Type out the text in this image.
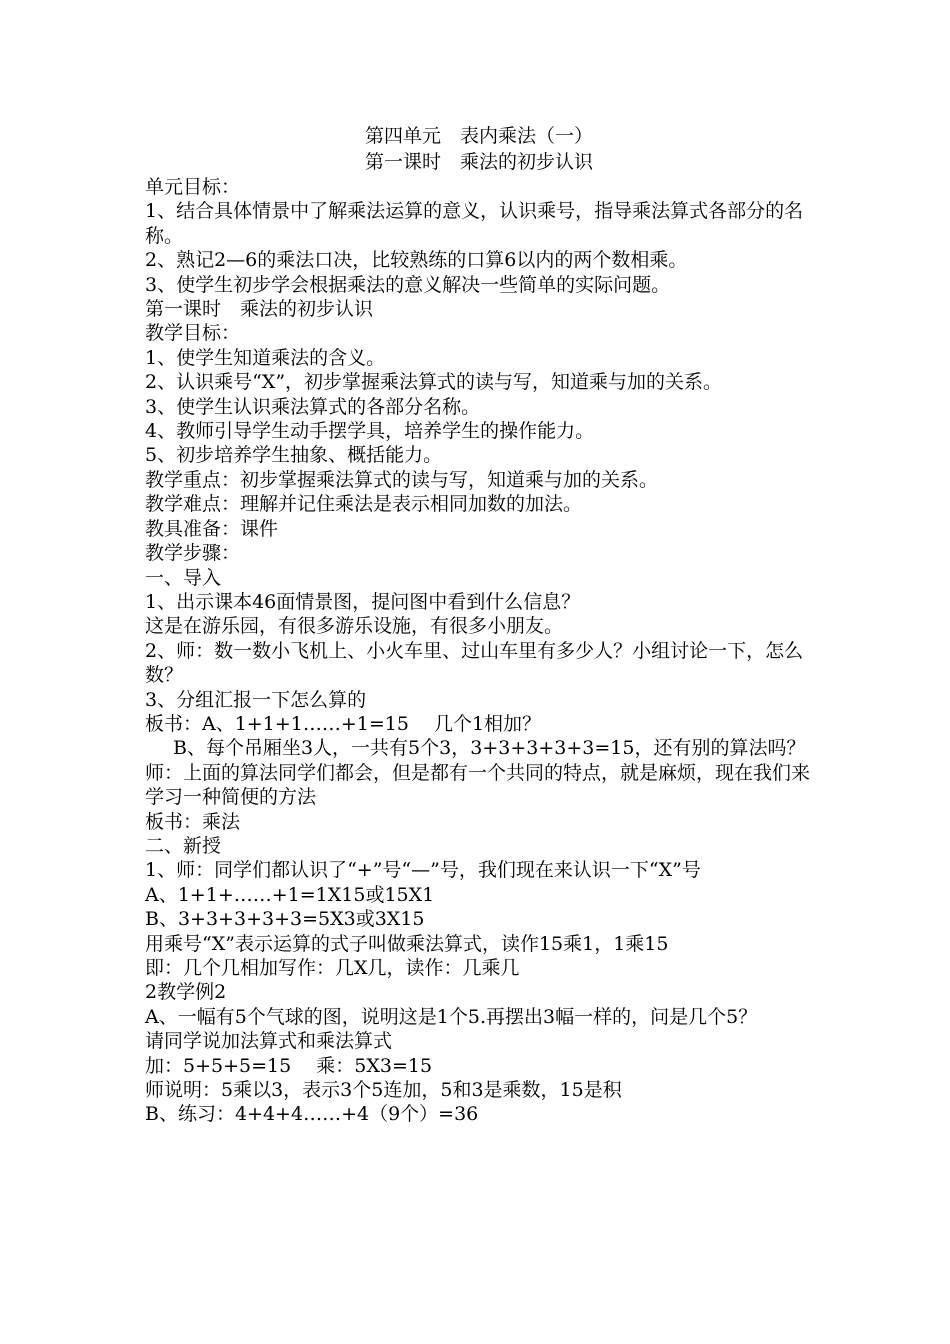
第四单元　表内乘法（一）

第一课时　乘法的初步认识

单元目标：

1、结合具体情景中了解乘法运算的意义，认识乘号，指导乘法算式各部分的名称。

2、熟记2—6的乘法口决，比较熟练的口算6以内的两个数相乘。

3、使学生初步学会根据乘法的意义解决一些简单的实际问题。

第一课时　乘法的初步认识

教学目标：

1、使学生知道乘法的含义。

2、认识乘号“X”，初步掌握乘法算式的读与写，知道乘与加的关系。

3、使学生认识乘法算式的各部分名称。

4、教师引导学生动手摆学具，培养学生的操作能力。

5、初步培养学生抽象、概括能力。

教学重点：初步掌握乘法算式的读与写，知道乘与加的关系。

教学难点：理解并记住乘法是表示相同加数的加法。

教具准备：课件

教学步骤：

一、导入

1、出示课本46面情景图，提问图中看到什么信息？

这是在游乐园，有很多游乐设施，有很多小朋友。

2、师：数一数小飞机上、小火车里、过山车里有多少人？小组讨论一下，怎么数？

3、分组汇报一下怎么算的

板书：A、1+1+1……+1=15　 几个1相加？

B、每个吊厢坐3人，一共有5个3，3+3+3+3+3=15，还有别的算法吗？

师：上面的算法同学们都会，但是都有一个共同的特点，就是麻烦，现在我们来学习一种简便的方法

板书：乘法

二、新授

1、师：同学们都认识了“+”号“—”号，我们现在来认识一下“X”号

A、1+1+……+1=1X15或15X1

B、3+3+3+3+3=5X3或3X15

用乘号“X”表示运算的式子叫做乘法算式，读作15乘1，1乘15

即：几个几相加写作：几X几，读作：几乘几

2教学例2

A、一幅有5个气球的图，说明这是1个5.再摆出3幅一样的，问是几个5？

请同学说加法算式和乘法算式

加：5+5+5=15　 乘：5X3=15

师说明：5乘以3，表示3个5连加，5和3是乘数，15是积

B、练习：4+4+4……+4（9个）=36
